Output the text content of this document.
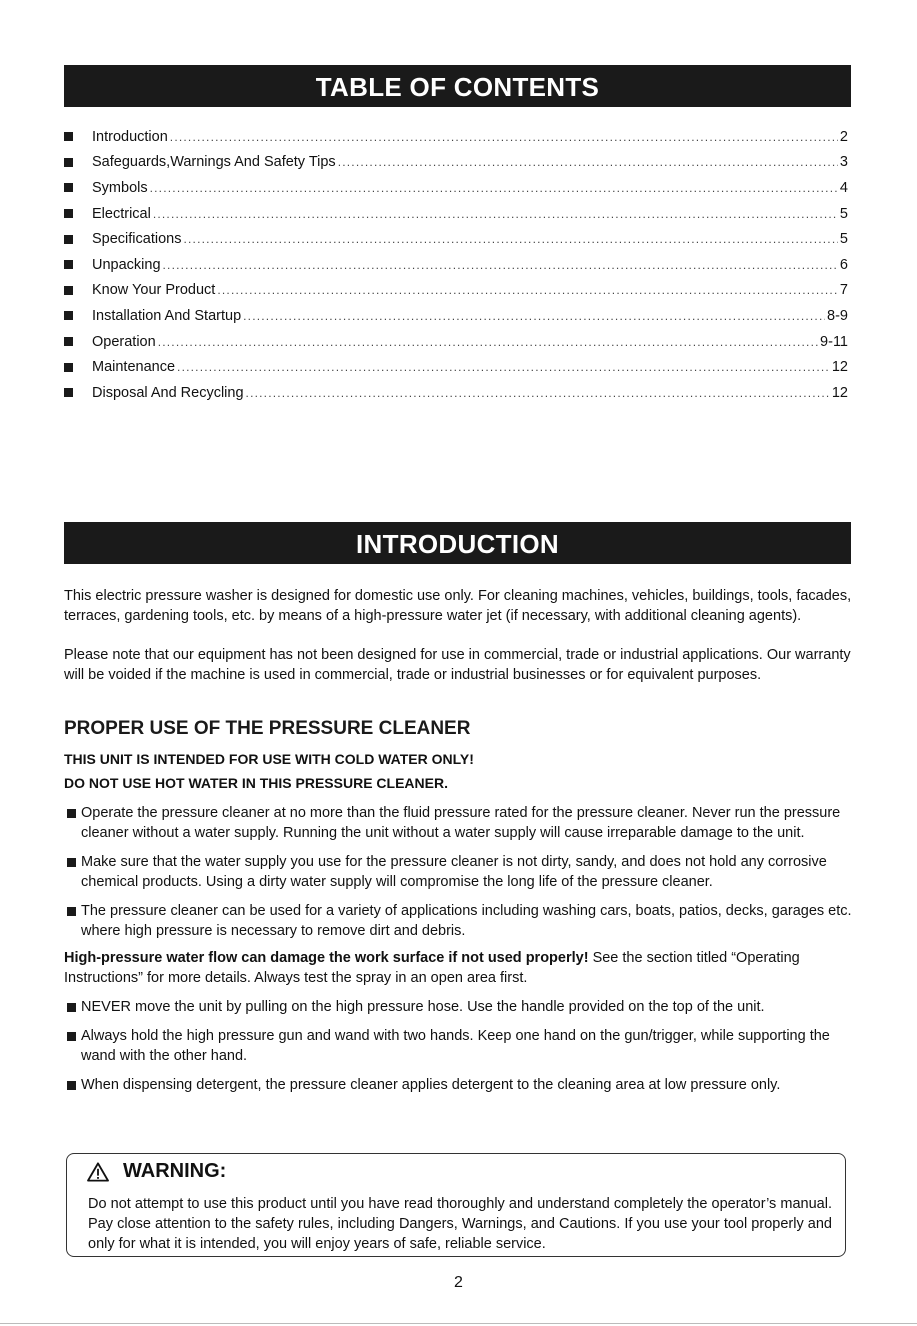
TABLE OF CONTENTS
Introduction .....	2
Safeguards,Warnings And Safety Tips .....	3
Symbols .....	4
Electrical .....	5
Specifications .....	5
Unpacking .....	6
Know Your Product .....	7
Installation And Startup .....	8-9
Operation .....	9-11
Maintenance .....	12
Disposal And Recycling .....	12
INTRODUCTION

This electric pressure washer is designed for domestic use only. For cleaning machines, vehicles, buildings, tools, facades, terraces, gardening tools, etc. by means of a high-pressure water jet (if necessary, with additional cleaning agents).

Please note that our equipment has not been designed for use in commercial, trade or industrial applications. Our warranty will be voided if the machine is used in commercial, trade or industrial businesses or for equivalent purposes.

PROPER USE OF THE PRESSURE CLEANER
THIS UNIT IS INTENDED FOR USE WITH COLD WATER ONLY!
DO NOT USE HOT WATER IN THIS PRESSURE CLEANER.
Operate the pressure cleaner at no more than the fluid pressure rated for the pressure cleaner. Never run the pressure cleaner without a water supply. Running the unit without a water supply will cause irreparable damage to the unit.
Make sure that the water supply you use for the pressure cleaner is not dirty, sandy, and does not hold any corrosive chemical products. Using a dirty water supply will compromise the long life of the pressure cleaner.
The pressure cleaner can be used for a variety of applications including washing cars, boats, patios, decks, garages etc. where high pressure is necessary to remove dirt and debris.
High-pressure water flow can damage the work surface if not used properly! See the section titled “Operating Instructions” for more details. Always test the spray in an open area first.
NEVER move the unit by pulling on the high pressure hose. Use the handle provided on the top of the unit.
Always hold the high pressure gun and wand with two hands. Keep one hand on the gun/trigger, while supporting the wand with the other hand.
When dispensing detergent, the pressure cleaner applies detergent to the cleaning area at low pressure only.
WARNING:
Do not attempt to use this product until you have read thoroughly and understand completely the operator’s manual. Pay close attention to the safety rules, including Dangers, Warnings, and Cautions. If you use your tool properly and only for what it is intended, you will enjoy years of safe, reliable service.
2
